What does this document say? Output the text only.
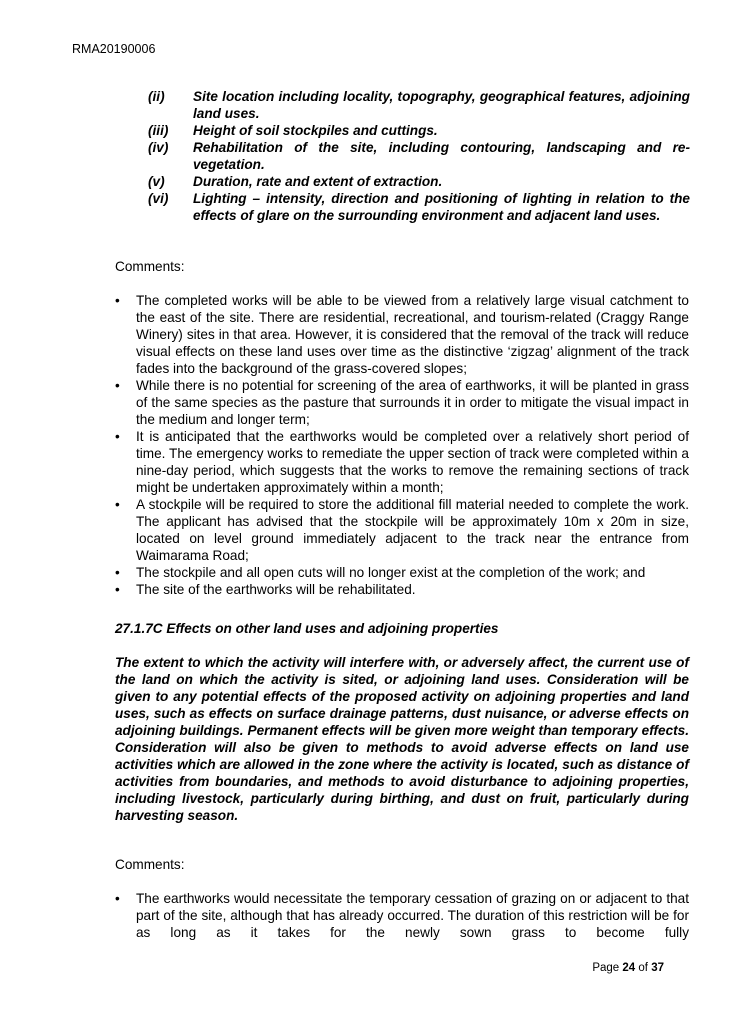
RMA20190006
(ii) Site location including locality, topography, geographical features, adjoining land uses.
(iii) Height of soil stockpiles and cuttings.
(iv) Rehabilitation of the site, including contouring, landscaping and re-vegetation.
(v) Duration, rate and extent of extraction.
(vi) Lighting – intensity, direction and positioning of lighting in relation to the effects of glare on the surrounding environment and adjacent land uses.
Comments:
• The completed works will be able to be viewed from a relatively large visual catchment to the east of the site. There are residential, recreational, and tourism-related (Craggy Range Winery) sites in that area. However, it is considered that the removal of the track will reduce visual effects on these land uses over time as the distinctive ‘zigzag’ alignment of the track fades into the background of the grass-covered slopes;
• While there is no potential for screening of the area of earthworks, it will be planted in grass of the same species as the pasture that surrounds it in order to mitigate the visual impact in the medium and longer term;
• It is anticipated that the earthworks would be completed over a relatively short period of time. The emergency works to remediate the upper section of track were completed within a nine-day period, which suggests that the works to remove the remaining sections of track might be undertaken approximately within a month;
• A stockpile will be required to store the additional fill material needed to complete the work. The applicant has advised that the stockpile will be approximately 10m x 20m in size, located on level ground immediately adjacent to the track near the entrance from Waimarama Road;
• The stockpile and all open cuts will no longer exist at the completion of the work; and
• The site of the earthworks will be rehabilitated.
27.1.7C Effects on other land uses and adjoining properties
The extent to which the activity will interfere with, or adversely affect, the current use of the land on which the activity is sited, or adjoining land uses. Consideration will be given to any potential effects of the proposed activity on adjoining properties and land uses, such as effects on surface drainage patterns, dust nuisance, or adverse effects on adjoining buildings. Permanent effects will be given more weight than temporary effects. Consideration will also be given to methods to avoid adverse effects on land use activities which are allowed in the zone where the activity is located, such as distance of activities from boundaries, and methods to avoid disturbance to adjoining properties, including livestock, particularly during birthing, and dust on fruit, particularly during harvesting season.
Comments:
• The earthworks would necessitate the temporary cessation of grazing on or adjacent to that part of the site, although that has already occurred. The duration of this restriction will be for as long as it takes for the newly sown grass to become fully
Page 24 of 37
